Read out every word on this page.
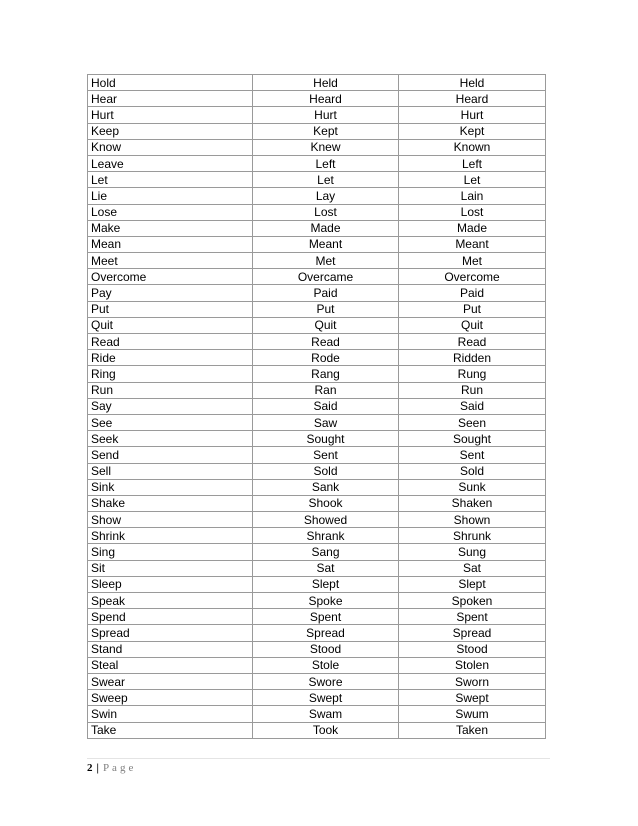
Hold	Held	Held
Hear	Heard	Heard
Hurt	Hurt	Hurt
Keep	Kept	Kept
Know	Knew	Known
Leave	Left	Left
Let	Let	Let
Lie	Lay	Lain
Lose	Lost	Lost
Make	Made	Made
Mean	Meant	Meant
Meet	Met	Met
Overcome	Overcame	Overcome
Pay	Paid	Paid
Put	Put	Put
Quit	Quit	Quit
Read	Read	Read
Ride	Rode	Ridden
Ring	Rang	Rung
Run	Ran	Run
Say	Said	Said
See	Saw	Seen
Seek	Sought	Sought
Send	Sent	Sent
Sell	Sold	Sold
Sink	Sank	Sunk
Shake	Shook	Shaken
Show	Showed	Shown
Shrink	Shrank	Shrunk
Sing	Sang	Sung
Sit	Sat	Sat
Sleep	Slept	Slept
Speak	Spoke	Spoken
Spend	Spent	Spent
Spread	Spread	Spread
Stand	Stood	Stood
Steal	Stole	Stolen
Swear	Swore	Sworn
Sweep	Swept	Swept
Swin	Swam	Swum
Take	Took	Taken
2 | Page
